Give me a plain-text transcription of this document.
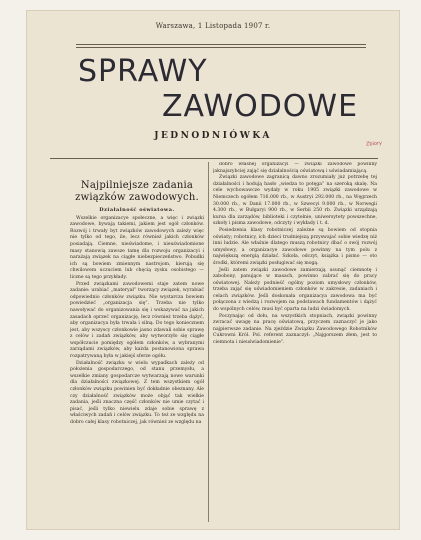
Warszawa, 1 Listopada 1907 r.
SPRAWY
ZAWODOWE
JEDNODNIÓWKA
Zbiory
Najpilniejsze zadania
związków zawodowych.
Działalność oświatowa.

Wszelkie organizacye społeczne, a więc i związki zawodowe, bywają takiemi, jakiem jest ogół członków. Rozwój i trwały byt związków zawodowych zależy więc nie tylko od tego, ile, lecz również jakich członków posiadają. Ciemne, nieświadome, i nieuświadomione masy stanowią zawsze tamę dla rozwoju organizacyi i narażają związek na ciągłe niebezpieczeństwo. Pobudki ich są bowiem zmiennym nastrojom, kierują się chwilowem uczuciem lub chęcią zysku osobistego — liczne są tego przykłady.

Przed związkami zawodowemi staje zatem nowe zadanie: urabiać „materyał” tworzący związek, wyrabiać odpowiednio członków związku. Nie wystarcza bowiem powiedzieć „organizacja się”. Trzeba nie tylko nawoływać do organizowania się i wskazywać na jakich zasadach oprzeć organizację, lecz również trzeba dążyć, aby organizacya była trwała i silną. Do tego koniecznem jest, aby wszyscy członkowie jasno zdawali sobie sprawę z celów i zadań związków, aby wytworzyło się ciągłe współczucie pomiędzy ogółem członków, a wybranymi zarządami związków, aby każda postanowiona sprawa rozpatrywaną była w jakiejś sferze ogółu.

Działalność związku w wielu wypadkach zależy od położenia gospodarczego, od stanu przemysłu, a wszelkie zmiany gospodarcze wytwarzają nowe warunki dla działalności związkowej. Z tem wszystkiem ogół członków związku powinien być dokładnie obeznany. Ale czy działalność związków może objąć tak wielkie zadania, jeśli znaczna część członków nie umie czytać i pisać, jeśli tylko niewielu zdaje sobie sprawę z właściwych zadań i celów związku. To też ze względu na dobro całej klasy robotniczej, jak również ze względu na

dobro własnej organizacyi — związki zawodowe powinny jaknajszybciej zająć się działalnością oświatową i uświadamiającą.

Związki zawodowe zagranicą dawno zrozumiały już potrzebę tej działalności i hodują hasło „wiedza to potęga” na szeroką skalę. Na cele wychowawcze wydały w roku 1905 związki zawodowe w Niemczech ogółem 716.000 rb., w Austryi 292.000 rb., na Węgrzech 30.000 rb., w Danii 17.000 rb., w Szwecyi 9.000 rb., w Norwegii 4.300 rb., w Bułgaryi 900 rb., w Serbii 250 rb. Związki urządzają kursa dla zarządów, biblioteki i czytelnie, uniwersytety powszechne, szkoły i pisma zawodowe, odczyty i wykłady i t. d.

Posiedzenia klasy robotniczej zależne są bowiem od stopnia oświaty; robotnicy, ich dzieci trudniejszą przyswajać sobie wiedzę niż inni ludzie. Ale właśnie dlatego muszą robotnicy dbać o swój rozwój umysłowy, a organizacye zawodowe powinny na tym polu z największą energią działać. Szkoła, odczyt, książka i pismo — oto środki, któremi związki posługiwać się mogą.

Jeśli zatem związki zawodowe zamierzają usunąć ciemnotę i zabobony, panujące w masach, powinno zabrać się do pracy oświatowej. Należy podnieść ogólny poziom umysłowy członków, trzeba zająć się uświadomieniem członków w zakresie, zadaniach i celach związków. Jeśli doskonała organizacya zawodowa ma być połączona z wiedzą i rozwojem na podstawach fundamentów i dążyć do wspólnych celów, musi być oparta na ludzi świadomych.

Poczynając od dołu, na wszystkich stopniach, związki powinny zwracać uwagę na pracę oświatową, przyczem zaznaczyć je jako najpierwsze zadanie. Na zjeździe Związku Zawodowego Robotników Cukrowni Król. Pol. referent zaznaczył: „Najgorszem złem, jest to ciemnota i nieuświadomienie”.
